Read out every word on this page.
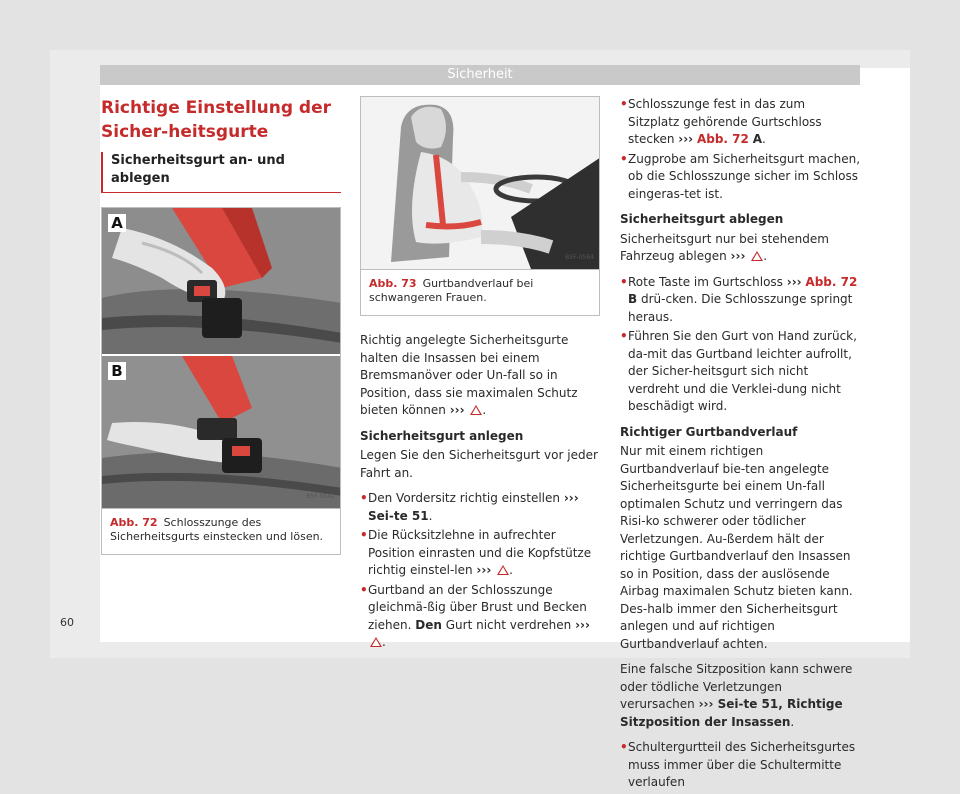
Sicherheit
Richtige Einstellung der Sicher-heitsgurte
Sicherheitsgurt an- und ablegen
A
B
B5F-0542
Abb. 72 Schlosszunge des Sicherheitsgurts einstecken und lösen.
B5F-0564
Abb. 73 Gurtbandverlauf bei schwangeren Frauen.

Richtig angelegte Sicherheitsgurte halten die Insassen bei einem Bremsmanöver oder Un-fall so in Position, dass sie maximalen Schutz bieten können ››› .

Sicherheitsgurt anlegen

Legen Sie den Sicherheitsgurt vor jeder Fahrt an.

• Den Vordersitz richtig einstellen ››› Sei-te 51.
• Die Rücksitzlehne in aufrechter Position einrasten und die Kopfstütze richtig einstel-len ››› .
• Gurtband an der Schlosszunge gleichmä-ßig über Brust und Becken ziehen. Den Gurt nicht verdrehen ››› .
• Schlosszunge fest in das zum Sitzplatz gehörende Gurtschloss stecken ››› Abb. 72 A.
• Zugprobe am Sicherheitsgurt machen, ob die Schlosszunge sicher im Schloss eingeras-tet ist.

Sicherheitsgurt ablegen

Sicherheitsgurt nur bei stehendem Fahrzeug ablegen ››› .

• Rote Taste im Gurtschloss ››› Abb. 72 B drü-cken. Die Schlosszunge springt heraus.
• Führen Sie den Gurt von Hand zurück, da-mit das Gurtband leichter aufrollt, der Sicher-heitsgurt sich nicht verdreht und die Verklei-dung nicht beschädigt wird.

Richtiger Gurtbandverlauf

Nur mit einem richtigen Gurtbandverlauf bie-ten angelegte Sicherheitsgurte bei einem Un-fall optimalen Schutz und verringern das Risi-ko schwerer oder tödlicher Verletzungen. Au-ßerdem hält der richtige Gurtbandverlauf den Insassen so in Position, dass der auslösende Airbag maximalen Schutz bieten kann. Des-halb immer den Sicherheitsgurt anlegen und auf richtigen Gurtbandverlauf achten.

Eine falsche Sitzposition kann schwere oder tödliche Verletzungen verursachen ››› Sei-te 51, Richtige Sitzposition der Insassen.

• Schultergurtteil des Sicherheitsgurtes muss immer über die Schultermitte verlaufen
60
